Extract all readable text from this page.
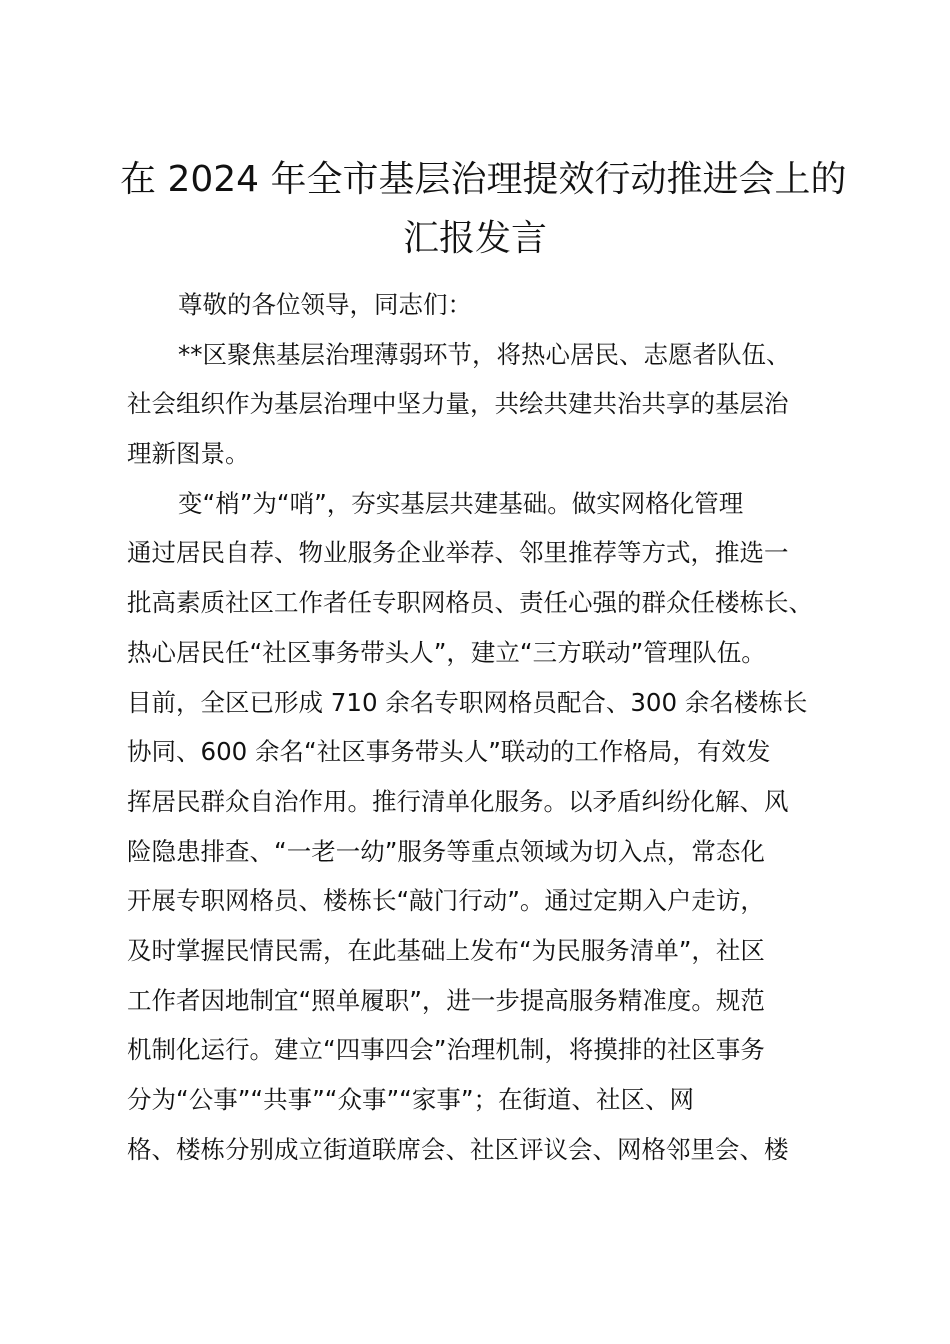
在 2024 年全市基层治理提效行动推进会上的
汇报发言
尊敬的各位领导，同志们：
**区聚焦基层治理薄弱环节，将热心居民、志愿者队伍、
社会组织作为基层治理中坚力量，共绘共建共治共享的基层治
理新图景。
变“梢”为“哨”，夯实基层共建基础。做实网格化管理
通过居民自荐、物业服务企业举荐、邻里推荐等方式，推选一
批高素质社区工作者任专职网格员、责任心强的群众任楼栋长、
热心居民任“社区事务带头人”，建立“三方联动”管理队伍。
目前，全区已形成 710 余名专职网格员配合、300 余名楼栋长
协同、600 余名“社区事务带头人”联动的工作格局，有效发
挥居民群众自治作用。推行清单化服务。以矛盾纠纷化解、风
险隐患排查、“一老一幼”服务等重点领域为切入点，常态化
开展专职网格员、楼栋长“敲门行动”。通过定期入户走访，
及时掌握民情民需，在此基础上发布“为民服务清单”，社区
工作者因地制宜“照单履职”，进一步提高服务精准度。规范
机制化运行。建立“四事四会”治理机制，将摸排的社区事务
分为“公事”“共事”“众事”“家事”；在街道、社区、网
格、楼栋分别成立街道联席会、社区评议会、网格邻里会、楼
